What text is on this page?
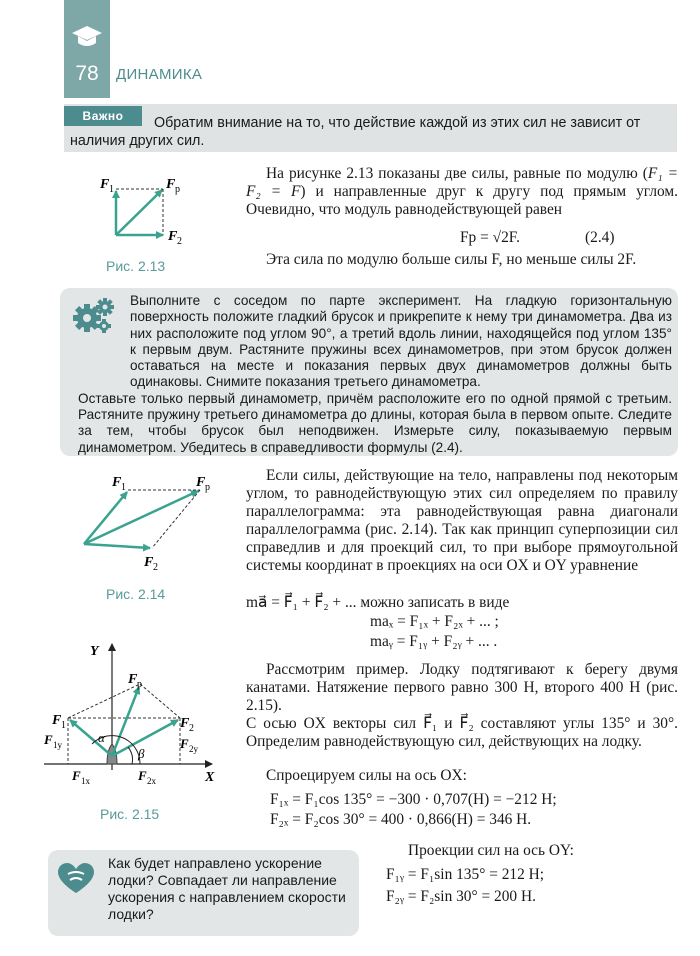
78	ДИНАМИКА
Важно	Обратим внимание на то, что действие каждой из этих сил не зависит от наличия других сил.
F 1	F p
F 2
Рис. 2.13
На рисунке 2.13 показаны две силы, равные по модулю (F₁ = F₂ = F) и направленные друг к другу под прямым углом. Очевидно, что модуль равнодействующей равен
Fр = √2F.	(2.4)
Эта сила по модулю больше силы F, но меньше силы 2F.
Выполните с соседом по парте эксперимент. На гладкую горизонтальную поверхность положите гладкий брусок и прикрепите к нему три динамометра. Два из них расположите под углом 90°, а третий вдоль линии, находящейся под углом 135° к первым двум. Растяните пружины всех динамометров, при этом брусок должен оставаться на месте и показания первых двух динамометров должны быть одинаковы. Снимите показания третьего динамометра.
Оставьте только первый динамометр, причём расположите его по одной прямой с третьим. Растяните пружину третьего динамометра до длины, которая была в первом опыте. Следите за тем, чтобы брусок был неподвижен. Измерьте силу, показываемую первым динамометром. Убедитесь в справедливости формулы (2.4).
F 1	F p
F 2
Рис. 2.14
Если силы, действующие на тело, направлены под некоторым углом, то равнодействующую этих сил определяем по правилу параллелограмма: эта равнодействующая равна диагонали параллелограмма (рис. 2.14). Так как принцип суперпозиции сил справедлив и для проекций сил, то при выборе прямоугольной системы координат в проекциях на оси OX и OY уравнение
ma⃗ = F⃗₁ + F⃗₂ + ... можно записать в виде
maₓ = F₁ₓ + F₂ₓ + ... ;
maᵧ = F₁ᵧ + F₂ᵧ + ... .
Y
X
F p
F 1	F 2
F 1y	F 2y
F 1x	F 2x
α
β
Рис. 2.15
Рассмотрим пример. Лодку подтягивают к берегу двумя канатами. Натяжение первого равно 300 Н, второго 400 Н (рис. 2.15).
С осью OX векторы сил F⃗₁ и F⃗₂ составляют углы 135° и 30°. Определим равнодействующую сил, действующих на лодку.
Спроецируем силы на ось OX:
F₁ₓ = F₁cos 135° = −300 · 0,707(Н) = −212 Н;
F₂ₓ = F₂cos 30° = 400 · 0,866(Н) = 346 Н.
Проекции сил на ось OY:
F₁ᵧ = F₁sin 135° = 212 Н;
F₂ᵧ = F₂sin 30° = 200 Н.
Как будет направлено ускорение лодки? Совпадает ли направление ускорения с направлением скорости лодки?
